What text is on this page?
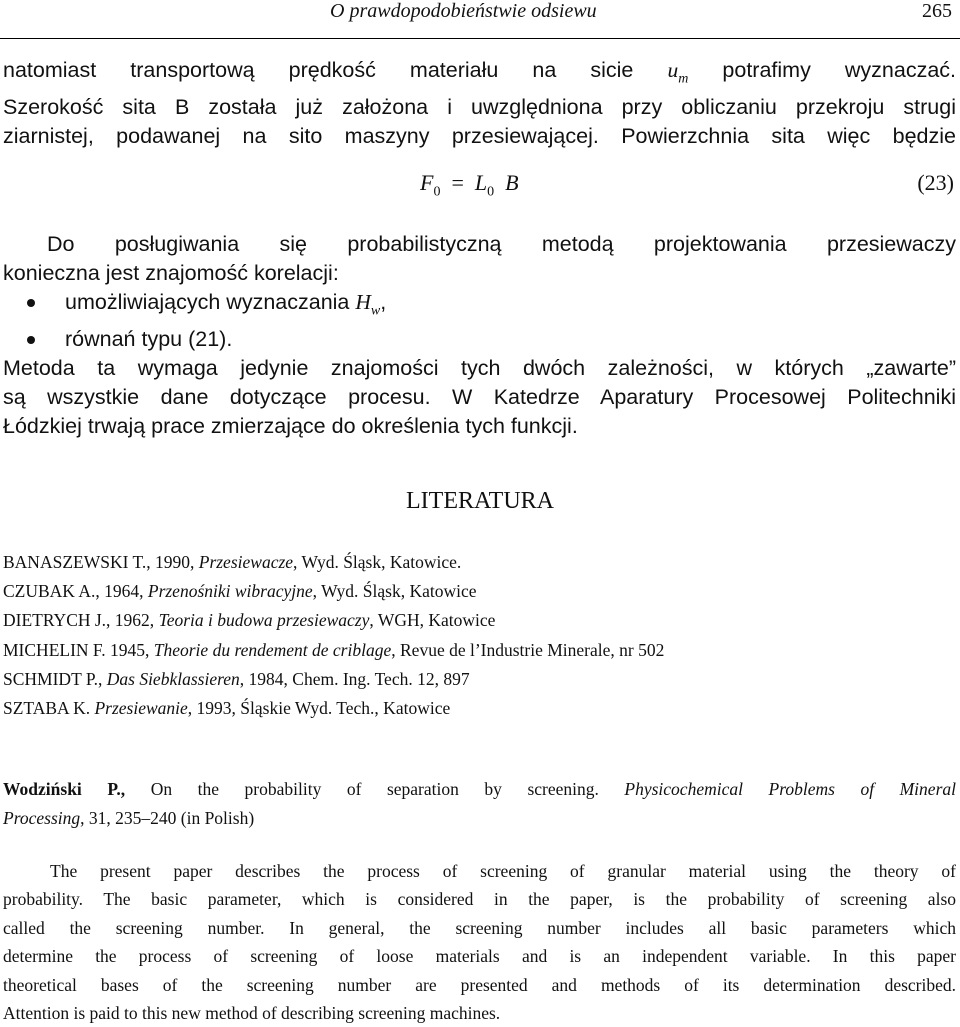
O prawdopodobieństwie odsiewu	265
natomiast transportową prędkość materiału na sicie $u_m$ potrafimy wyznaczać.
Szerokość sita B została już założona i uwzględniona przy obliczaniu przekroju strugi
ziarnistej, podawanej na sito maszyny przesiewającej. Powierzchnia sita więc będzie
$F_0 = L_0$ B	(23)
Do posługiwania się probabilistyczną metodą projektowania przesiewaczy
konieczna jest znajomość korelacji:
umożliwiających wyznaczania $H_w$,
równań typu (21).
Metoda ta wymaga jedynie znajomości tych dwóch zależności, w których „zawarte”
są wszystkie dane dotyczące procesu. W Katedrze Aparatury Procesowej Politechniki
Łódzkiej trwają prace zmierzające do określenia tych funkcji.
LITERATURA
BANASZEWSKI T., 1990, Przesiewacze, Wyd. Śląsk, Katowice.
CZUBAK A., 1964, Przenośniki wibracyjne, Wyd. Śląsk, Katowice
DIETRYCH J., 1962, Teoria i budowa przesiewaczy, WGH, Katowice
MICHELIN F. 1945, Theorie du rendement de criblage, Revue de l’Industrie Minerale, nr 502
SCHMIDT P., Das Siebklassieren, 1984, Chem. Ing. Tech. 12, 897
SZTABA K. Przesiewanie, 1993, Śląskie Wyd. Tech., Katowice
Wodziński P., On the probability of separation by screening. Physicochemical Problems of Mineral
Processing, 31, 235–240 (in Polish)
The present paper describes the process of screening of granular material using the theory of
probability. The basic parameter, which is considered in the paper, is the probability of screening also
called the screening number. In general, the screening number includes all basic parameters which
determine the process of screening of loose materials and is an independent variable. In this paper
theoretical bases of the screening number are presented and methods of its determination described.
Attention is paid to this new method of describing screening machines.
